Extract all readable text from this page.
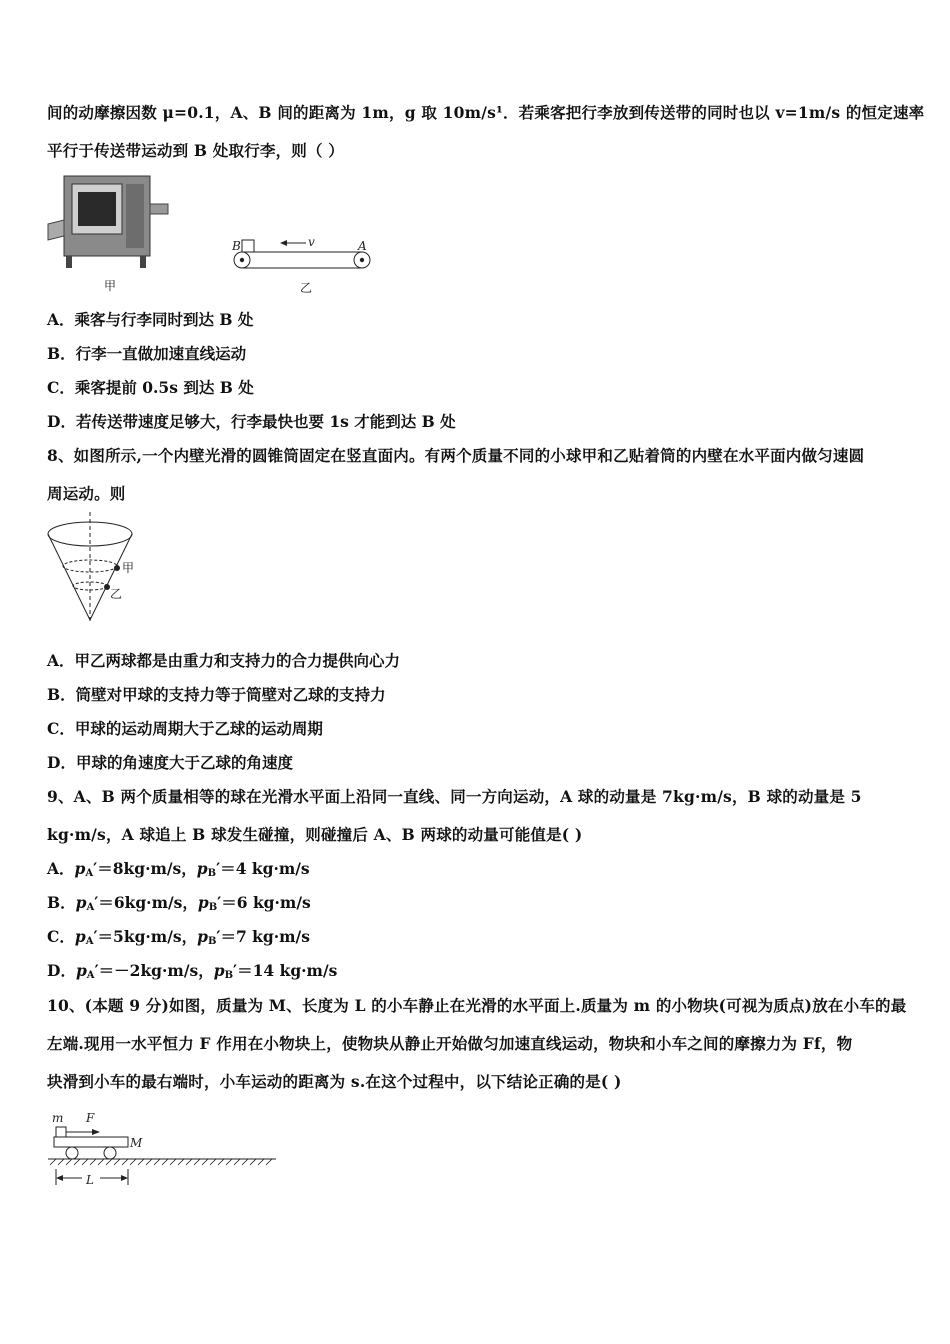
间的动摩擦因数 μ=0.1，A、B 间的距离为 1m，g 取 10m/s¹．若乘客把行李放到传送带的同时也以 v=1m/s 的恒定速率
平行于传送带运动到 B 处取行李，则（ ）
甲
B	A
v
乙
A．乘客与行李同时到达 B 处
B．行李一直做加速直线运动
C．乘客提前 0.5s 到达 B 处
D．若传送带速度足够大，行李最快也要 1s 才能到达 B 处
8、如图所示,一个内壁光滑的圆锥筒固定在竖直面内。有两个质量不同的小球甲和乙贴着筒的内壁在水平面内做匀速圆
周运动。则
甲
乙
A．甲乙两球都是由重力和支持力的合力提供向心力
B．筒壁对甲球的支持力等于筒壁对乙球的支持力
C．甲球的运动周期大于乙球的运动周期
D．甲球的角速度大于乙球的角速度
9、A、B 两个质量相等的球在光滑水平面上沿同一直线、同一方向运动，A 球的动量是 7kg·m/s，B 球的动量是 5
kg·m/s，A 球追上 B 球发生碰撞，则碰撞后 A、B 两球的动量可能值是( )
A．$p_A'=8kg\cdot m/s$，$p_B'=4$ kg·m/s
B．$p_A'=6kg\cdot m/s$，$p_B'=6$ kg·m/s
C．$p_A'=5kg\cdot m/s$，$p_B'=7$ kg·m/s
D．$p_A'=-2kg\cdot m/s$，$p_B'=14$ kg·m/s
10、(本题 9 分)如图，质量为 M、长度为 L 的小车静止在光滑的水平面上.质量为 m 的小物块(可视为质点)放在小车的最
左端.现用一水平恒力 F 作用在小物块上，使物块从静止开始做匀加速直线运动，物块和小车之间的摩擦力为 Ff，物
块滑到小车的最右端时，小车运动的距离为 s.在这个过程中，以下结论正确的是( )
m F
M
L
